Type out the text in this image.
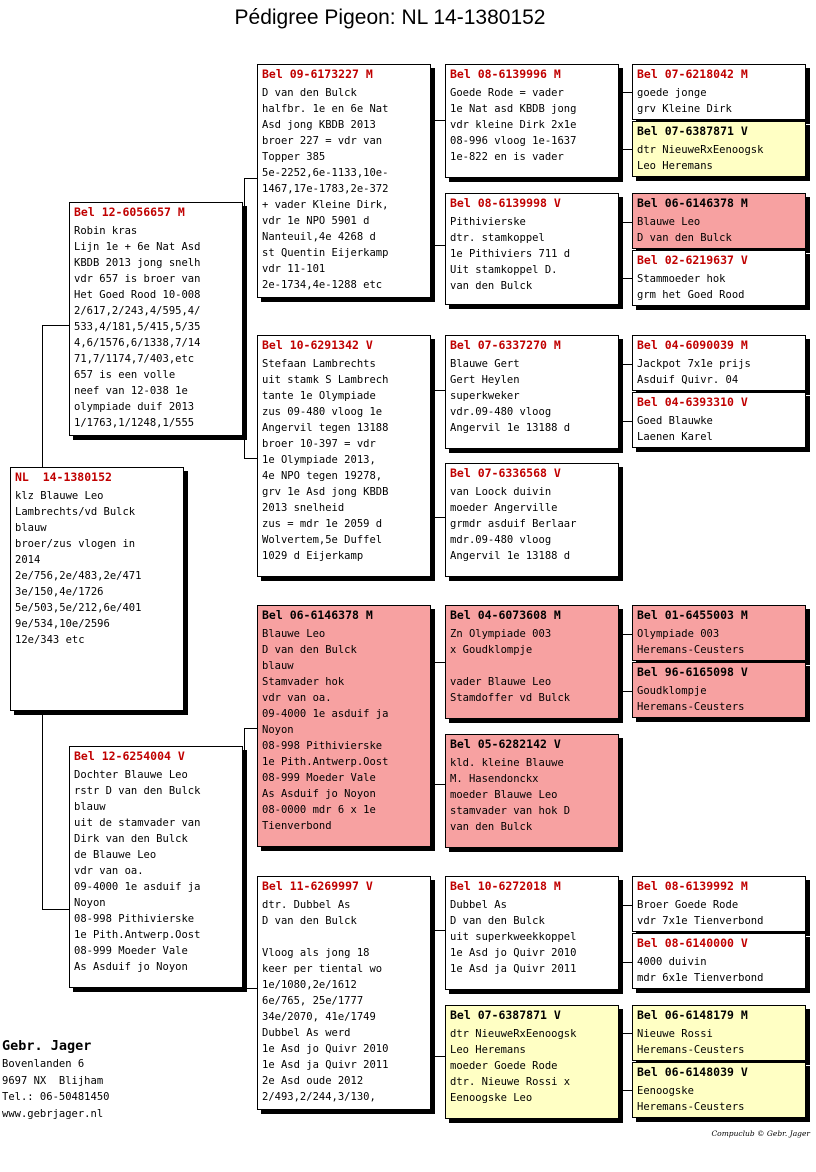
Pédigree Pigeon: NL 14-1380152
NL  14-1380152
klz Blauwe Leo
Lambrechts/vd Bulck
blauw
broer/zus vlogen in
2014
2e/756,2e/483,2e/471
3e/150,4e/1726
5e/503,5e/212,6e/401
9e/534,10e/2596
12e/343 etc
Bel 12-6056657 M
Robin kras
Lijn 1e + 6e Nat Asd
KBDB 2013 jong snelh
vdr 657 is broer van
Het Goed Rood 10-008
2/617,2/243,4/595,4/
533,4/181,5/415,5/35
4,6/1576,6/1338,7/14
71,7/1174,7/403,etc
657 is een volle
neef van 12-038 1e
olympiade duif 2013
1/1763,1/1248,1/555
Bel 12-6254004 V
Dochter Blauwe Leo
rstr D van den Bulck
blauw
uit de stamvader van
Dirk van den Bulck
de Blauwe Leo
vdr van oa.
09-4000 1e asduif ja
Noyon
08-998 Pithivierske
1e Pith.Antwerp.Oost
08-999 Moeder Vale
As Asduif jo Noyon
Bel 09-6173227 M
D van den Bulck
halfbr. 1e en 6e Nat
Asd jong KBDB 2013
broer 227 = vdr van
Topper 385
5e-2252,6e-1133,10e-
1467,17e-1783,2e-372
+ vader Kleine Dirk,
vdr 1e NPO 5901 d
Nanteuil,4e 4268 d
st Quentin Eijerkamp
vdr 11-101
2e-1734,4e-1288 etc
Bel 10-6291342 V
Stefaan Lambrechts
uit stamk S Lambrech
tante 1e Olympiade
zus 09-480 vloog 1e
Angervil tegen 13188
broer 10-397 = vdr
1e Olympiade 2013,
4e NPO tegen 19278,
grv 1e Asd jong KBDB
2013 snelheid
zus = mdr 1e 2059 d
Wolvertem,5e Duffel
1029 d Eijerkamp
Bel 06-6146378 M
Blauwe Leo
D van den Bulck
blauw
Stamvader hok
vdr van oa.
09-4000 1e asduif ja
Noyon
08-998 Pithivierske
1e Pith.Antwerp.Oost
08-999 Moeder Vale
As Asduif jo Noyon
08-0000 mdr 6 x 1e
Tienverbond
Bel 11-6269997 V
dtr. Dubbel As
D van den Bulck
Vloog als jong 18
keer per tiental wo
1e/1080,2e/1612
6e/765, 25e/1777
34e/2070, 41e/1749
Dubbel As werd
1e Asd jo Quivr 2010
1e Asd ja Quivr 2011
2e Asd oude 2012
2/493,2/244,3/130,
Bel 08-6139996 M
Goede Rode = vader
1e Nat asd KBDB jong
vdr kleine Dirk 2x1e
08-996 vloog 1e-1637
1e-822 en is vader
Bel 08-6139998 V
Pithivierske
dtr. stamkoppel
1e Pithiviers 711 d
Uit stamkoppel D.
van den Bulck
Bel 07-6337270 M
Blauwe Gert
Gert Heylen
superkweker
vdr.09-480 vloog
Angervil 1e 13188 d
Bel 07-6336568 V
van Loock duivin
moeder Angerville
grmdr asduif Berlaar
mdr.09-480 vloog
Angervil 1e 13188 d
Bel 04-6073608 M
Zn Olympiade 003
x Goudklompje
vader Blauwe Leo
Stamdoffer vd Bulck
Bel 05-6282142 V
kld. kleine Blauwe
M. Hasendonckx
moeder Blauwe Leo
stamvader van hok D
van den Bulck
Bel 10-6272018 M
Dubbel As
D van den Bulck
uit superkweekkoppel
1e Asd jo Quivr 2010
1e Asd ja Quivr 2011
Bel 07-6387871 V
dtr NieuweRxEenoogsk
Leo Heremans
moeder Goede Rode
dtr. Nieuwe Rossi x
Eenoogske Leo
Bel 07-6218042 M
goede jonge
grv Kleine Dirk
Bel 07-6387871 V
dtr NieuweRxEenoogsk
Leo Heremans
Bel 06-6146378 M
Blauwe Leo
D van den Bulck
Bel 02-6219637 V
Stammoeder hok
grm het Goed Rood
Bel 04-6090039 M
Jackpot 7x1e prijs
Asduif Quivr. 04
Bel 04-6393310 V
Goed Blauwke
Laenen Karel
Bel 01-6455003 M
Olympiade 003
Heremans-Ceusters
Bel 96-6165098 V
Goudklompje
Heremans-Ceusters
Bel 08-6139992 M
Broer Goede Rode
vdr 7x1e Tienverbond
Bel 08-6140000 V
4000 duivin
mdr 6x1e Tienverbond
Bel 06-6148179 M
Nieuwe Rossi
Heremans-Ceusters
Bel 06-6148039 V
Eenoogske
Heremans-Ceusters
Gebr. Jager
Bovenlanden 6
9697 NX  Blijham
Tel.: 06-50481450
www.gebrjager.nl
Compuclub © Gebr. Jager
